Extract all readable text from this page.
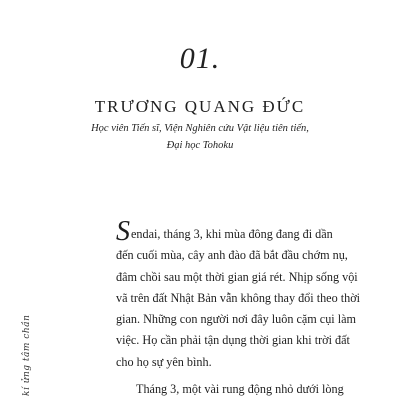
01.
TRƯƠNG QUANG ĐỨC
Học viên Tiến sĩ, Viện Nghiên cứu Vật liệu tiên tiến,
Đại học Tohoku
kí ửng tâm chần

Sendai, tháng 3, khi mùa đông đang đi dần
đến cuối mùa, cây anh đào đã bắt đầu chớm nụ,
đâm chồi sau một thời gian giá rét. Nhịp sống vội
vã trên đất Nhật Bản vẫn không thay đổi theo thời
gian. Những con người nơi đây luôn cặm cụi làm
việc. Họ cần phải tận dụng thời gian khi trời đất
cho họ sự yên bình.

Tháng 3, một vài rung động nhỏ dưới lòng
